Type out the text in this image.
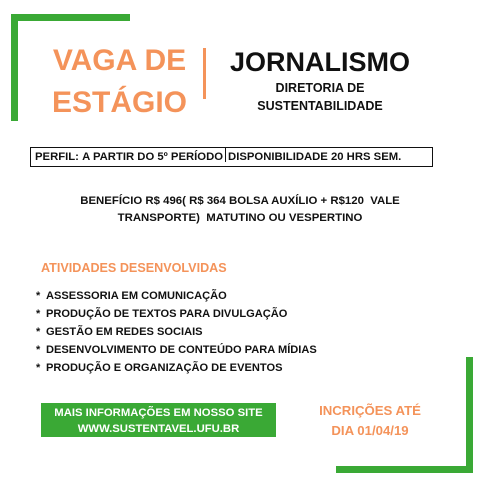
VAGA DE
ESTÁGIO
JORNALISMO
DIRETORIA DE
SUSTENTABILIDADE
PERFIL: A PARTIR DO 5º PERÍODO DISPONIBILIDADE 20 HRS SEM.
BENEFÍCIO R$ 496( R$ 364 BOLSA AUXÍLIO + R$120  VALE
TRANSPORTE)  MATUTINO OU VESPERTINO
ATIVIDADES DESENVOLVIDAS
* ASSESSORIA EM COMUNICAÇÃO
* PRODUÇÃO DE TEXTOS PARA DIVULGAÇÃO
* GESTÃO EM REDES SOCIAIS
* DESENVOLVIMENTO DE CONTEÚDO PARA MÍDIAS
* PRODUÇÃO E ORGANIZAÇÃO DE EVENTOS
MAIS INFORMAÇÕES EM NOSSO SITE
WWW.SUSTENTAVEL.UFU.BR
INCRIÇÕES ATÉ
DIA 01/04/19
